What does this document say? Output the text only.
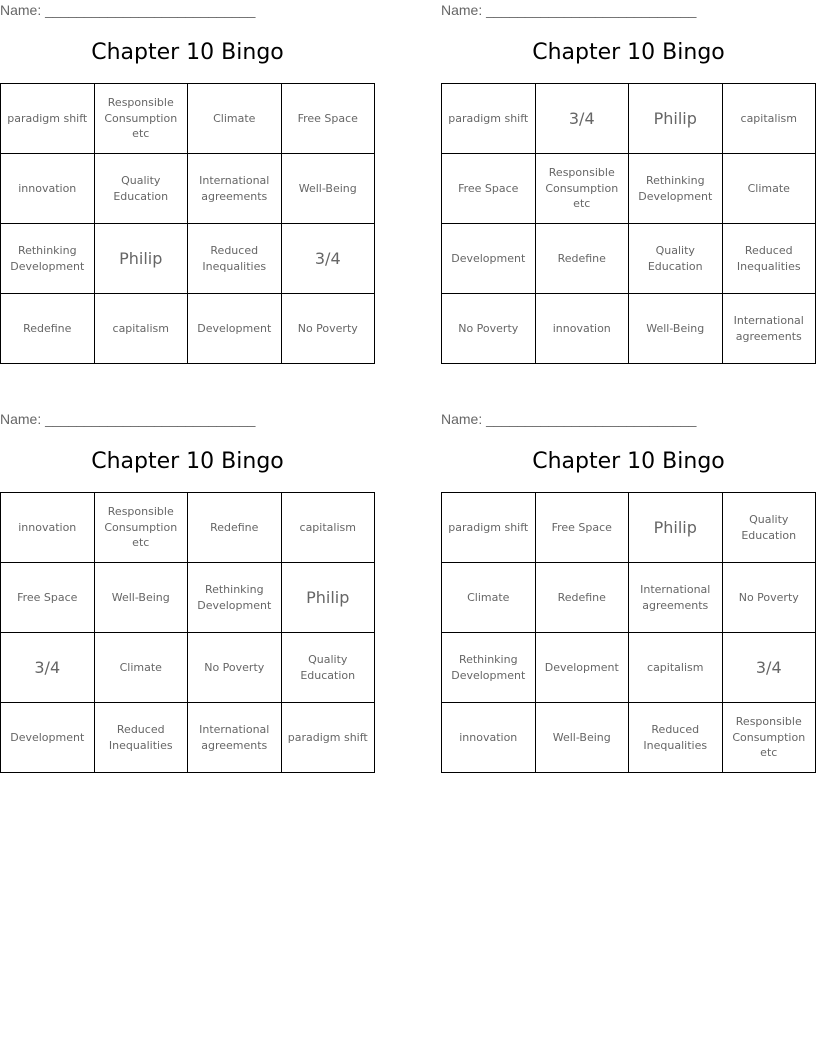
Name: ___________________________
Chapter 10 Bingo
paradigm shift	Responsible Consumption etc	Climate	Free Space
innovation	Quality Education	International agreements	Well-Being
Rethinking Development	Philip	Reduced Inequalities	3/4
Redefine	capitalism	Development	No Poverty
Name: ___________________________
Chapter 10 Bingo
paradigm shift	3/4	Philip	capitalism
Free Space	Responsible Consumption etc	Rethinking Development	Climate
Development	Redefine	Quality Education	Reduced Inequalities
No Poverty	innovation	Well-Being	International agreements
Name: ___________________________
Chapter 10 Bingo
innovation	Responsible Consumption etc	Redefine	capitalism
Free Space	Well-Being	Rethinking Development	Philip
3/4	Climate	No Poverty	Quality Education
Development	Reduced Inequalities	International agreements	paradigm shift
Name: ___________________________
Chapter 10 Bingo
paradigm shift	Free Space	Philip	Quality Education
Climate	Redefine	International agreements	No Poverty
Rethinking Development	Development	capitalism	3/4
innovation	Well-Being	Reduced Inequalities	Responsible Consumption etc
